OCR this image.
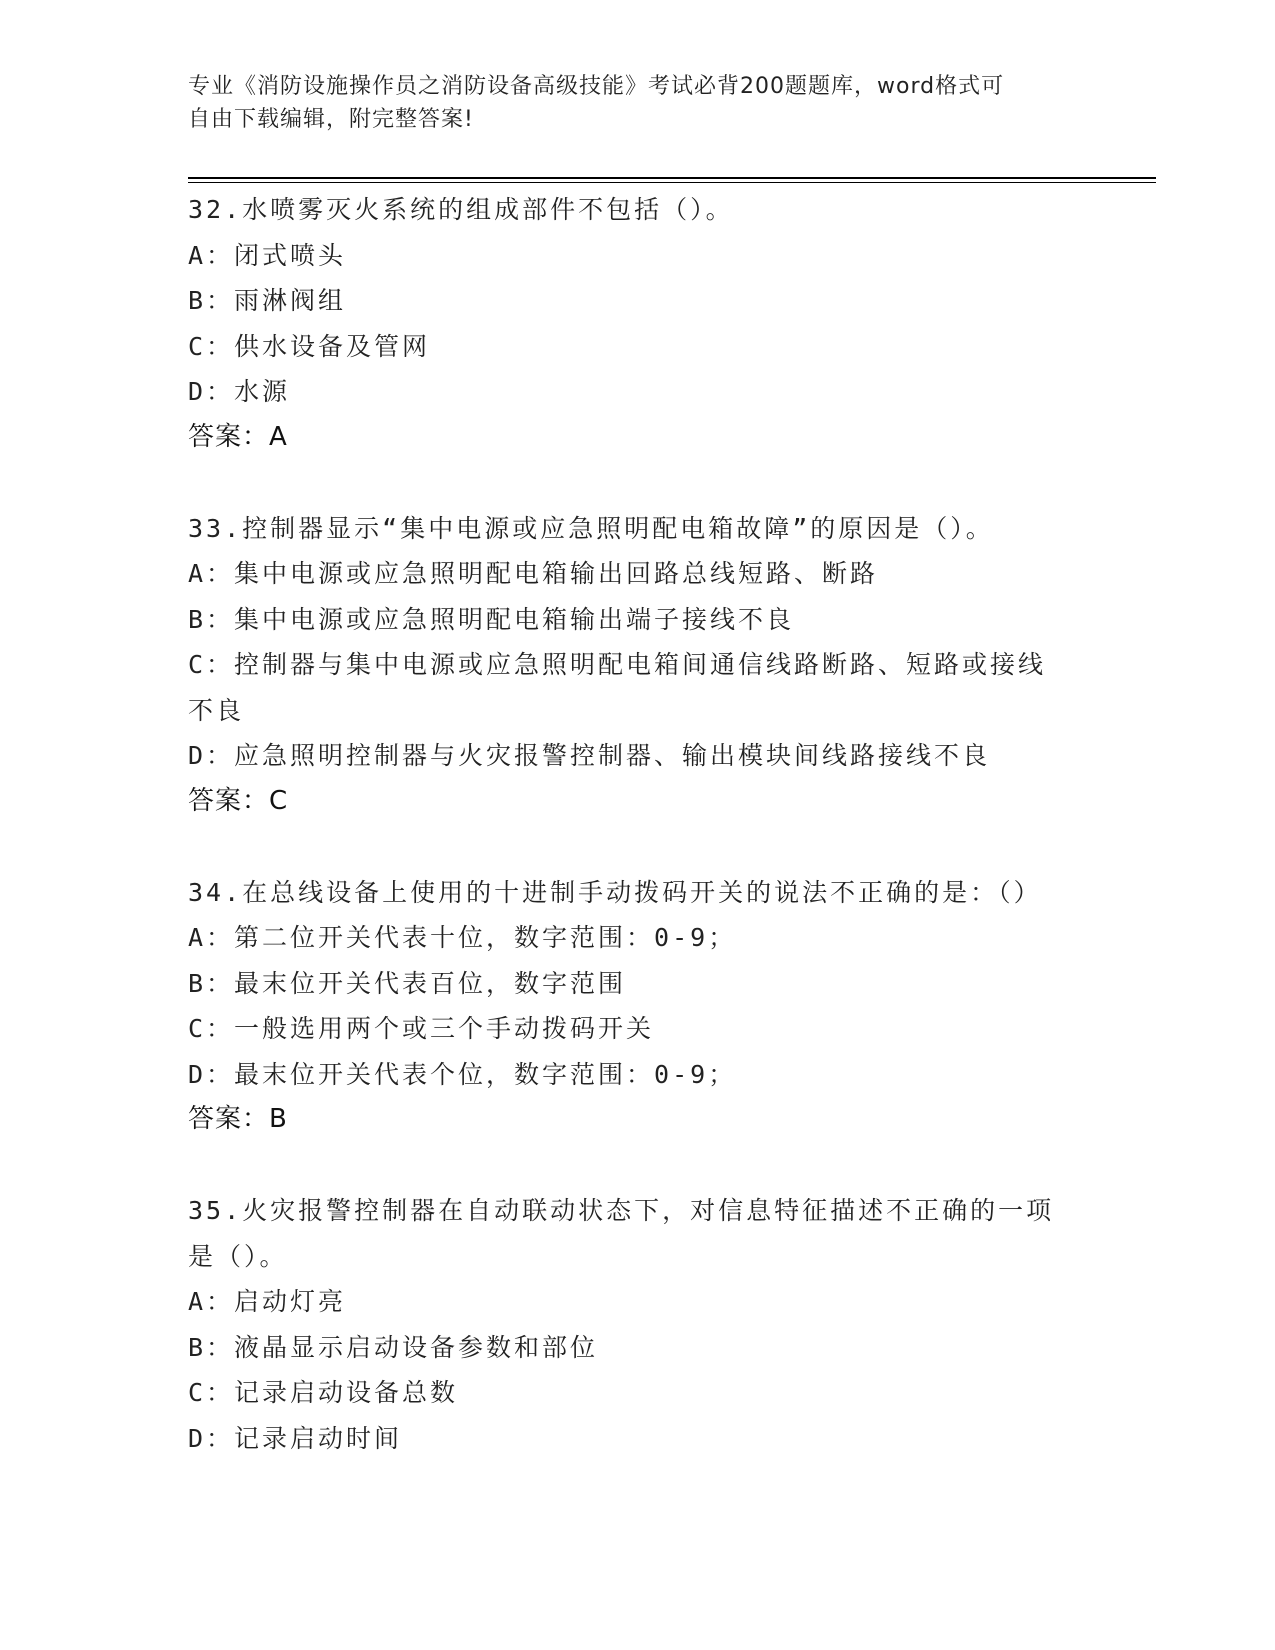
专业《消防设施操作员之消防设备高级技能》考试必背200题题库，word格式可
自由下载编辑，附完整答案!
32.水喷雾灭火系统的组成部件不包括（）。
A：闭式喷头
B：雨淋阀组
C：供水设备及管网
D：水源
答案：A
33.控制器显示“集中电源或应急照明配电箱故障”的原因是（）。
A：集中电源或应急照明配电箱输出回路总线短路、断路
B：集中电源或应急照明配电箱输出端子接线不良
C：控制器与集中电源或应急照明配电箱间通信线路断路、短路或接线
不良
D：应急照明控制器与火灾报警控制器、输出模块间线路接线不良
答案：C
34.在总线设备上使用的十进制手动拨码开关的说法不正确的是：（）
A：第二位开关代表十位，数字范围：0-9；
B：最末位开关代表百位，数字范围
C：一般选用两个或三个手动拨码开关
D：最末位开关代表个位，数字范围：0-9；
答案：B
35.火灾报警控制器在自动联动状态下，对信息特征描述不正确的一项
是（）。
A：启动灯亮
B：液晶显示启动设备参数和部位
C：记录启动设备总数
D：记录启动时间
